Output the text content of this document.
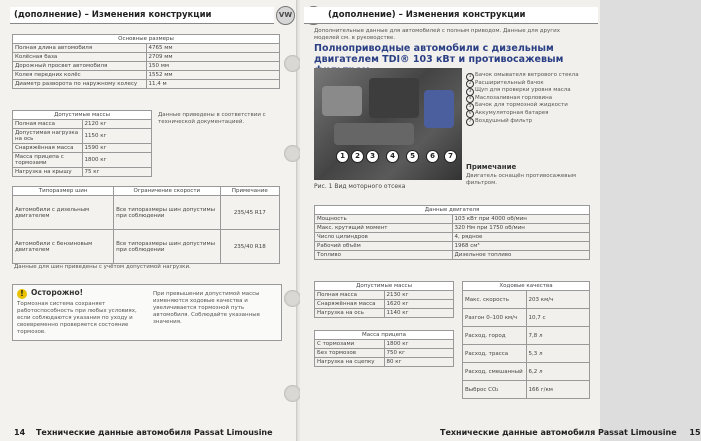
(дополнение) – Изменения конструкции	VW
Основные размеры	
Полная длина автомобиля	4765 мм
Колёсная база	2709 мм
Дорожный просвет автомобиля	150 мм
Колея передних колёс	1552 мм
Диаметр разворота по наружному колесу	11,4 м
Допустимые массы	
Полная масса	2120 кг
Допустимая нагрузка на ось	1150 кг
Снаряжённая масса	1590 кг
Масса прицепа с тормозами	1800 кг
Нагрузка на крышу	75 кг
Данные приведены в соответствии с технической документацией.
Типоразмер шин	Ограничение скорости	Примечание
Автомобили с дизельным двигателем	Все типоразмеры шин допустимы при соблюдении	235/45 R17
Автомобили с бензиновым двигателем	Все типоразмеры шин допустимы при соблюдении	235/40 R18
Данные для шин приведены с учётом допустимой нагрузки.
! Осторожно!
Тормозная система сохраняет работоспособность при любых условиях, если соблюдаются указания по уходу и своевременно проверяется состояние тормозов.
При превышении допустимой массы изменяются ходовые качества и увеличивается тормозной путь автомобиля. Соблюдайте указанные значения.
14 Технические данные автомобиля Passat Limousine
(дополнение) – Изменения конструкции
Дополнительные данные для автомобилей с полным приводом. Данные для других моделей см. в руководстве.
Полноприводные автомобили с дизельным двигателем TDI® 103 кВт и противосажевым
1	2	3	4	5	6	7
Рис. 1 Вид моторного отсека
1 Бачок омывателя ветрового стекла
2 Расширительный бачок
3 Щуп для проверки уровня масла
4 Маслозаливная горловина
5 Бачок для тормозной жидкости
6 Аккумуляторная батарея
7 Воздушный фильтр
Примечание
Двигатель оснащён противосажевым фильтром.
Данные двигателя	
Мощность	103 кВт при 4000 об/мин
Макс. крутящий момент	320 Нм при 1750 об/мин
Число цилиндров	4, рядное
Рабочий объём	1968 см³
Топливо	Дизельное топливо
Допустимые массы	
Полная масса	2130 кг
Снаряжённая масса	1620 кг
Нагрузка на ось	1140 кг
Масса прицепа	
С тормозами	1800 кг
Без тормозов	750 кг
Нагрузка на сцепку	80 кг
Ходовые качества	
Макс. скорость	203 км/ч
Разгон 0–100 км/ч	10,7 с
Расход, город	7,8 л
Расход, трасса	5,3 л
Расход, смешанный	6,2 л
Выброс CO₂	166 г/км
Технические данные автомобиля Passat Limousine 15
